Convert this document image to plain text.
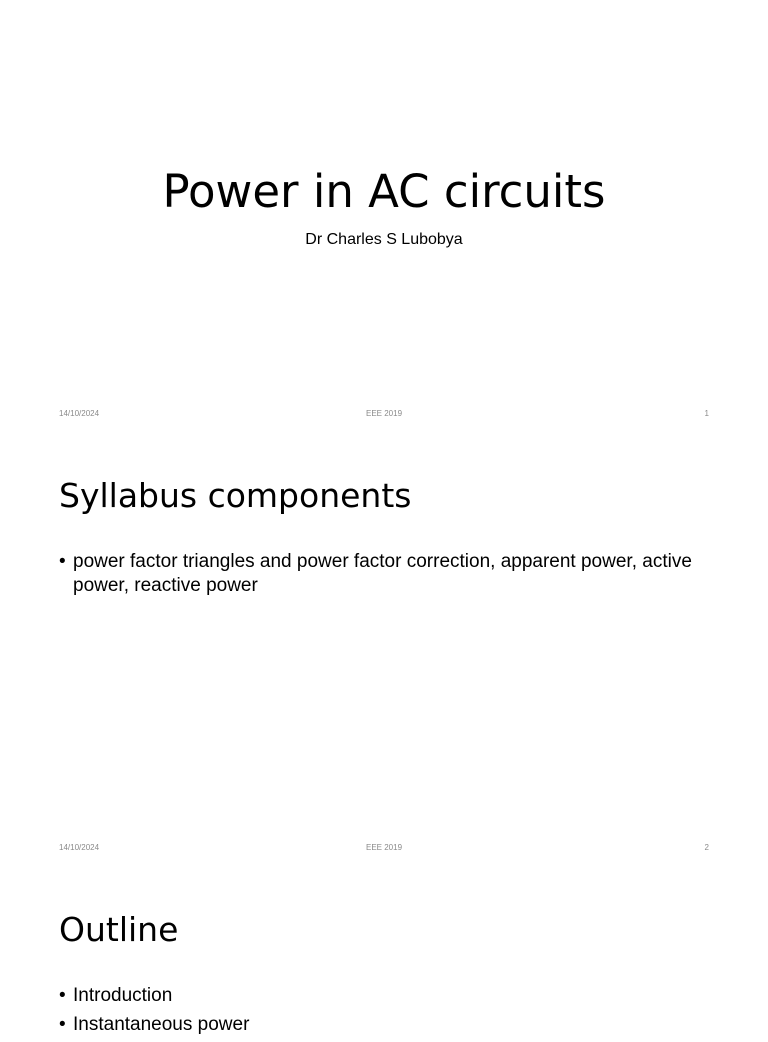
Power in AC circuits
Dr Charles S Lubobya
14/10/2024	EEE 2019	1
Syllabus components
• power factor triangles and power factor correction, apparent power, active power, reactive power
14/10/2024	EEE 2019	2
Outline
• Introduction
• Instantaneous power
